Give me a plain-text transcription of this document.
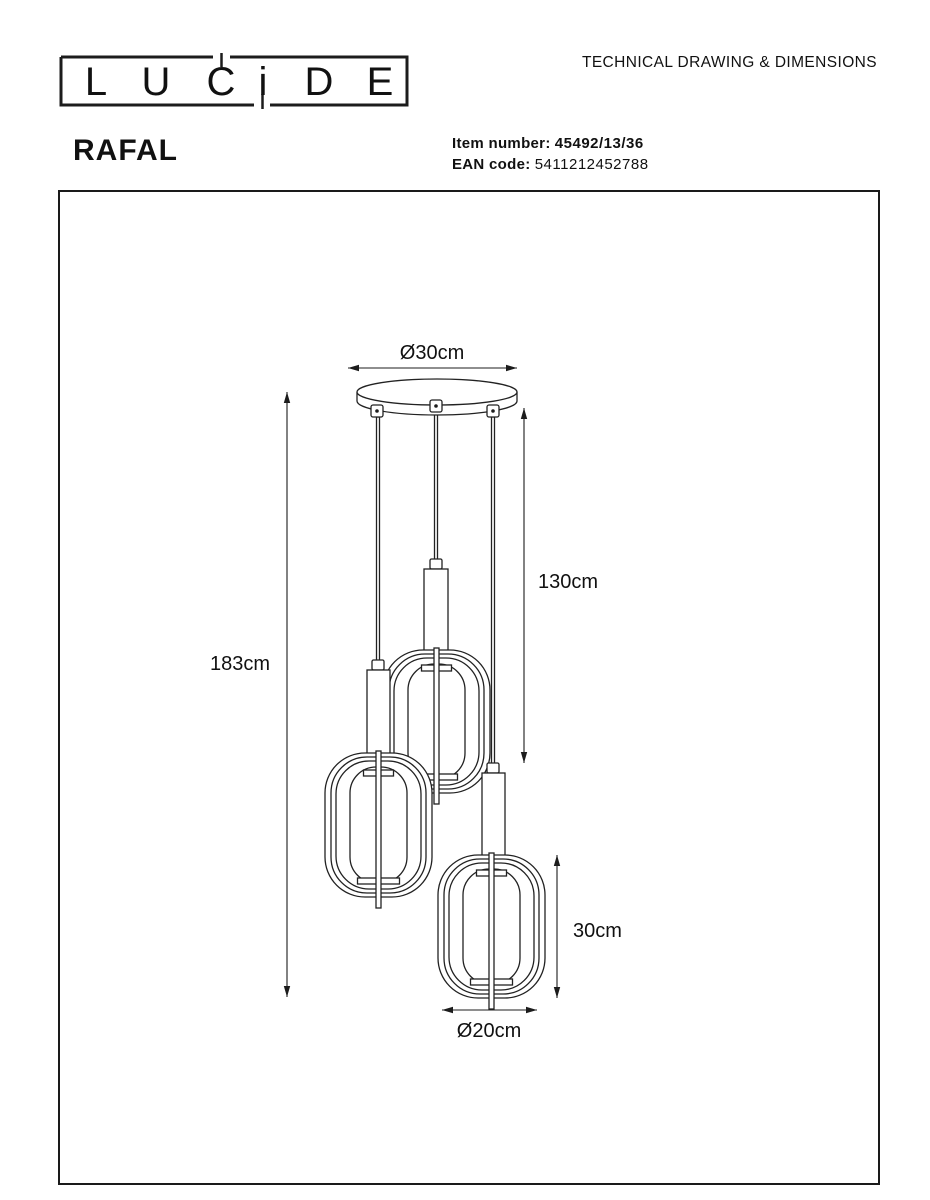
L U C i D E
RAFAL
TECHNICAL DRAWING & DIMENSIONS
Item number: 45492/13/36
EAN code: 5411212452788
Ø30cm
183cm
130cm
30cm
Ø20cm
